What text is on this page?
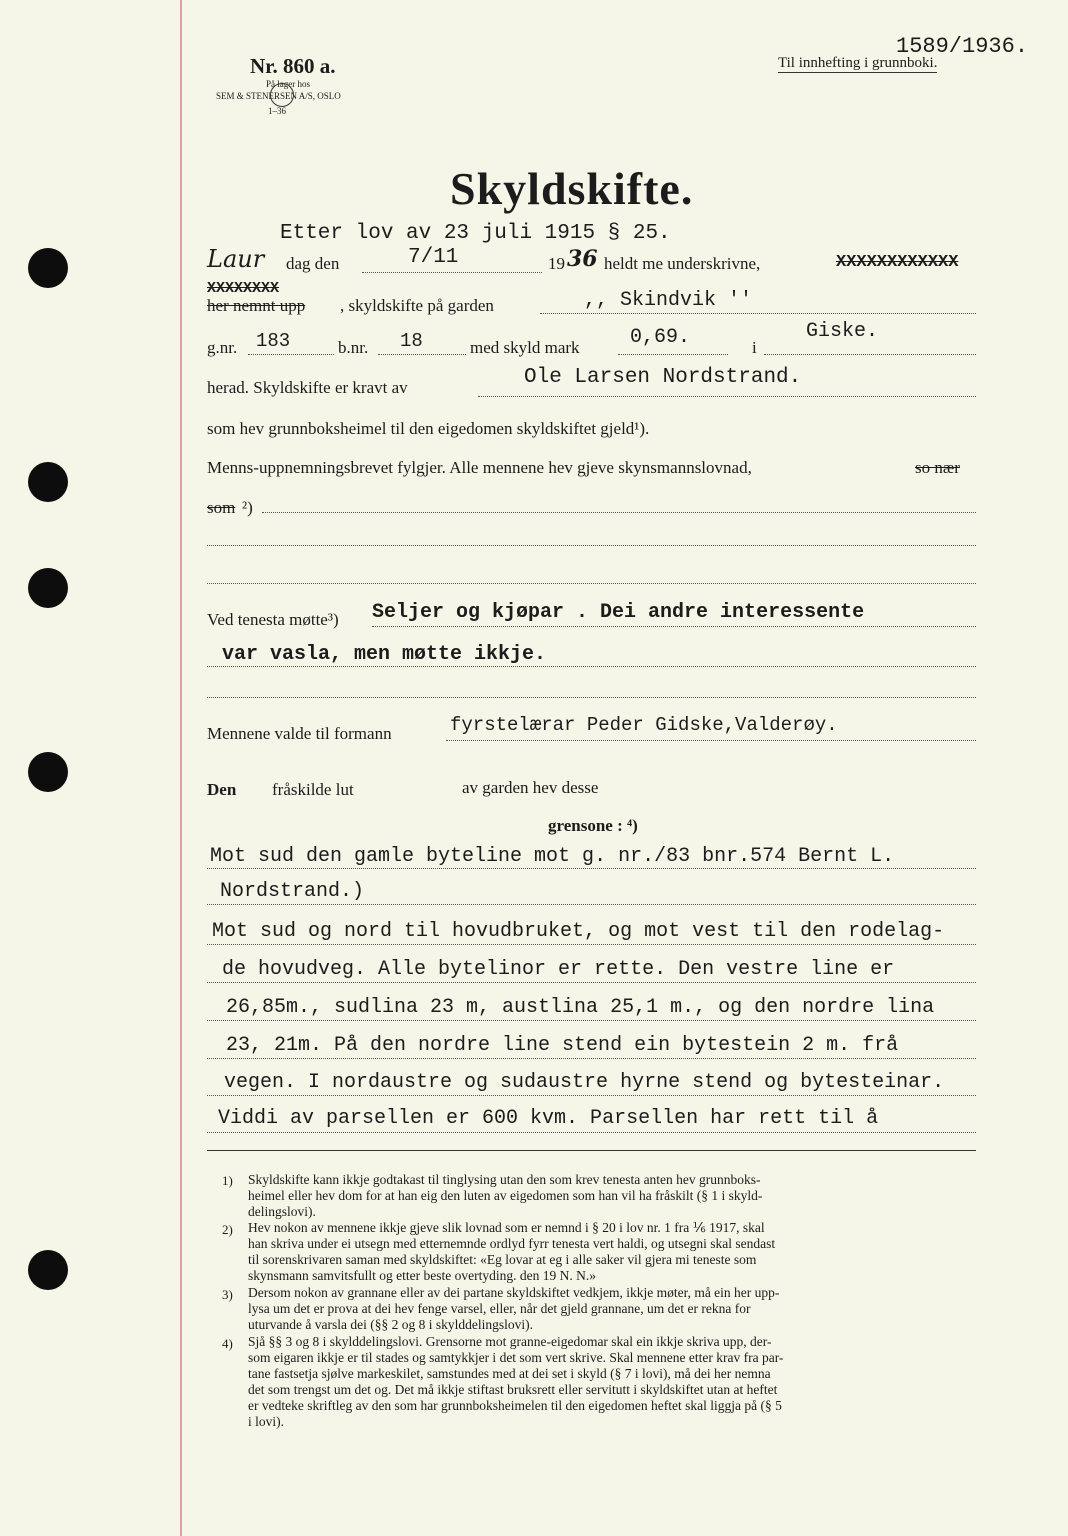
Nr. 860 a.
På lager hos
SEM & STENERSEN A/S, OSLO
1–36
1589/1936.
Til innhefting i grunnboki.
Skyldskifte.
Etter lov av 23 juli 1915 § 25.
Laur dag den	7/11	19 36 heldt me underskrivne,	XXXXXXXXXXXX
XXXXXXXX
her nemnt upp , skyldskifte på garden	,, Skindvik ''
g.nr. 183	b.nr. 18	med skyld mark	0,69.	i
Giske.
herad. Skyldskifte er kravt av	Ole Larsen Nordstrand.
som hev grunnboksheimel til den eigedomen skyldskiftet gjeld¹).
Menns-uppnemningsbrevet fylgjer. Alle mennene hev gjeve skynsmannslovnad,	so nær
som ²)
Ved tenesta møtte³) Seljer og kjøpar . Dei andre interessente
var vasla, men møtte ikkje.
Mennene valde til formann	fyrstelærar Peder Gidske,Valderøy.
Den fråskilde lut	av garden hev desse
grensone : ⁴)
Mot sud den gamle byteline mot g. nr./83 bnr.574 Bernt L.
Nordstrand.)
Mot sud og nord til hovudbruket, og mot vest til den rodelag-
de hovudveg. Alle bytelinor er rette. Den vestre line er
26,85m., sudlina 23 m, austlina 25,1 m., og den nordre lina
23, 21m. På den nordre line stend ein bytestein 2 m. frå
vegen. I nordaustre og sudaustre hyrne stend og bytesteinar.
Viddi av parsellen er 600 kvm. Parsellen har rett til å
1) Skyldskifte kann ikkje godtakast til tinglysing utan den som krev tenesta anten hev grunnboks-
heimel eller hev dom for at han eig den luten av eigedomen som han vil ha fråskilt (§ 1 i skyld-
delingslovi).
2) Hev nokon av mennene ikkje gjeve slik lovnad som er nemnd i § 20 i lov nr. 1 fra ⅙ 1917, skal
han skriva under ei utsegn med etternemnde ordlyd fyrr tenesta vert haldi, og utsegni skal sendast
til sorenskrivaren saman med skyldskiftet: «Eg lovar at eg i alle saker vil gjera mi teneste som
skynsmann samvitsfullt og etter beste overtyding. den 19 N. N.»
3) Dersom nokon av grannane eller av dei partane skyldskiftet vedkjem, ikkje møter, må ein her upp-
lysa um det er prova at dei hev fenge varsel, eller, når det gjeld grannane, um det er rekna for
uturvande å varsla dei (§§ 2 og 8 i skylddelingslovi).
4) Sjå §§ 3 og 8 i skylddelingslovi. Grensorne mot granne-eigedomar skal ein ikkje skriva upp, der-
som eigaren ikkje er til stades og samtykkjer i det som vert skrive. Skal mennene etter krav fra par-
tane fastsetja sjølve markeskilet, samstundes med at dei set i skyld (§ 7 i lovi), må dei her nemna
det som trengst um det og. Det må ikkje stiftast bruksrett eller servitutt i skyldskiftet utan at heftet
er vedteke skriftleg av den som har grunnboksheimelen til den eigedomen heftet skal liggja på (§ 5
i lovi).
